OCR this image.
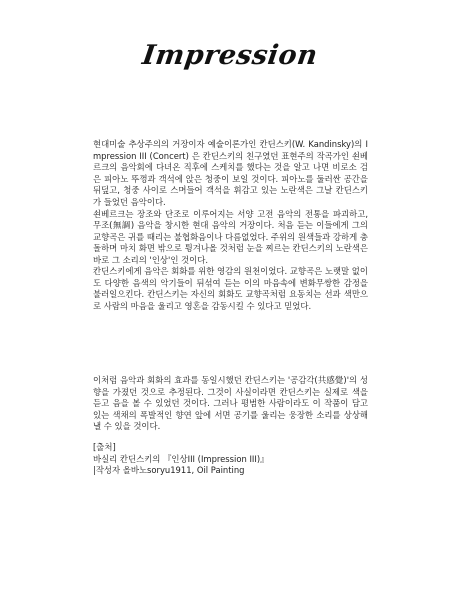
Impression

현대미술 추상주의의 거장이자 예술이론가인 칸딘스키(W. Kandinsky)의 Impression III (Concert) 은 칸딘스키의 친구였던 표현주의 작곡가인 쇤베르크의 음악회에 다녀온 직후에 스케치를 했다는 것을 알고 나면 비로소 검은 피아노 뚜껑과 객석에 앉은 청중이 보일 것이다. 피아노를 둘러싼 공간을 뒤덮고, 청중 사이로 스며들어 객석을 휘감고 있는 노란색은 그날 칸딘스키가 들었던 음악이다.

쇤베르크는 장조와 단조로 이루어지는 서양 고전 음악의 전통을 파괴하고, 무조(無調) 음악을 창시한 현대 음악의 거장이다. 처음 듣는 이들에게 그의 교향곡은 귀를 때리는 불협화음이나 다름없었다. 주위의 원색들과 강하게 충돌하며 마치 화면 밖으로 튕겨나올 것처럼 눈을 찌르는 칸딘스키의 노란색은 바로 그 소리의 '인상'인 것이다.

칸딘스키에게 음악은 회화를 위한 영감의 원천이었다. 교향곡은 노랫말 없이도 다양한 음색의 악기들이 뒤섞여 듣는 이의 마음속에 변화무쌍한 감정을 불러일으킨다. 칸딘스키는 자신의 회화도 교향곡처럼 요동치는 선과 색만으로 사람의 마음을 울리고 영혼을 감동시킬 수 있다고 믿었다.

이처럼 음악과 회화의 효과를 동일시했던 칸딘스키는 '공감각(共感覺)'의 성향을 가졌던 것으로 추정된다. 그것이 사실이라면 칸딘스키는 실제로 색을 듣고 음을 볼 수 있었던 것이다. 그러나 평범한 사람이라도 이 작품이 담고 있는 색채의 폭발적인 향연 앞에 서면 공기를 울리는 웅장한 소리를 상상해낼 수 있을 것이다.

[출처]
바실리 칸딘스키의 『인상III (Impression III)』
|작성자 올바노soryu1911, Oil Painting
